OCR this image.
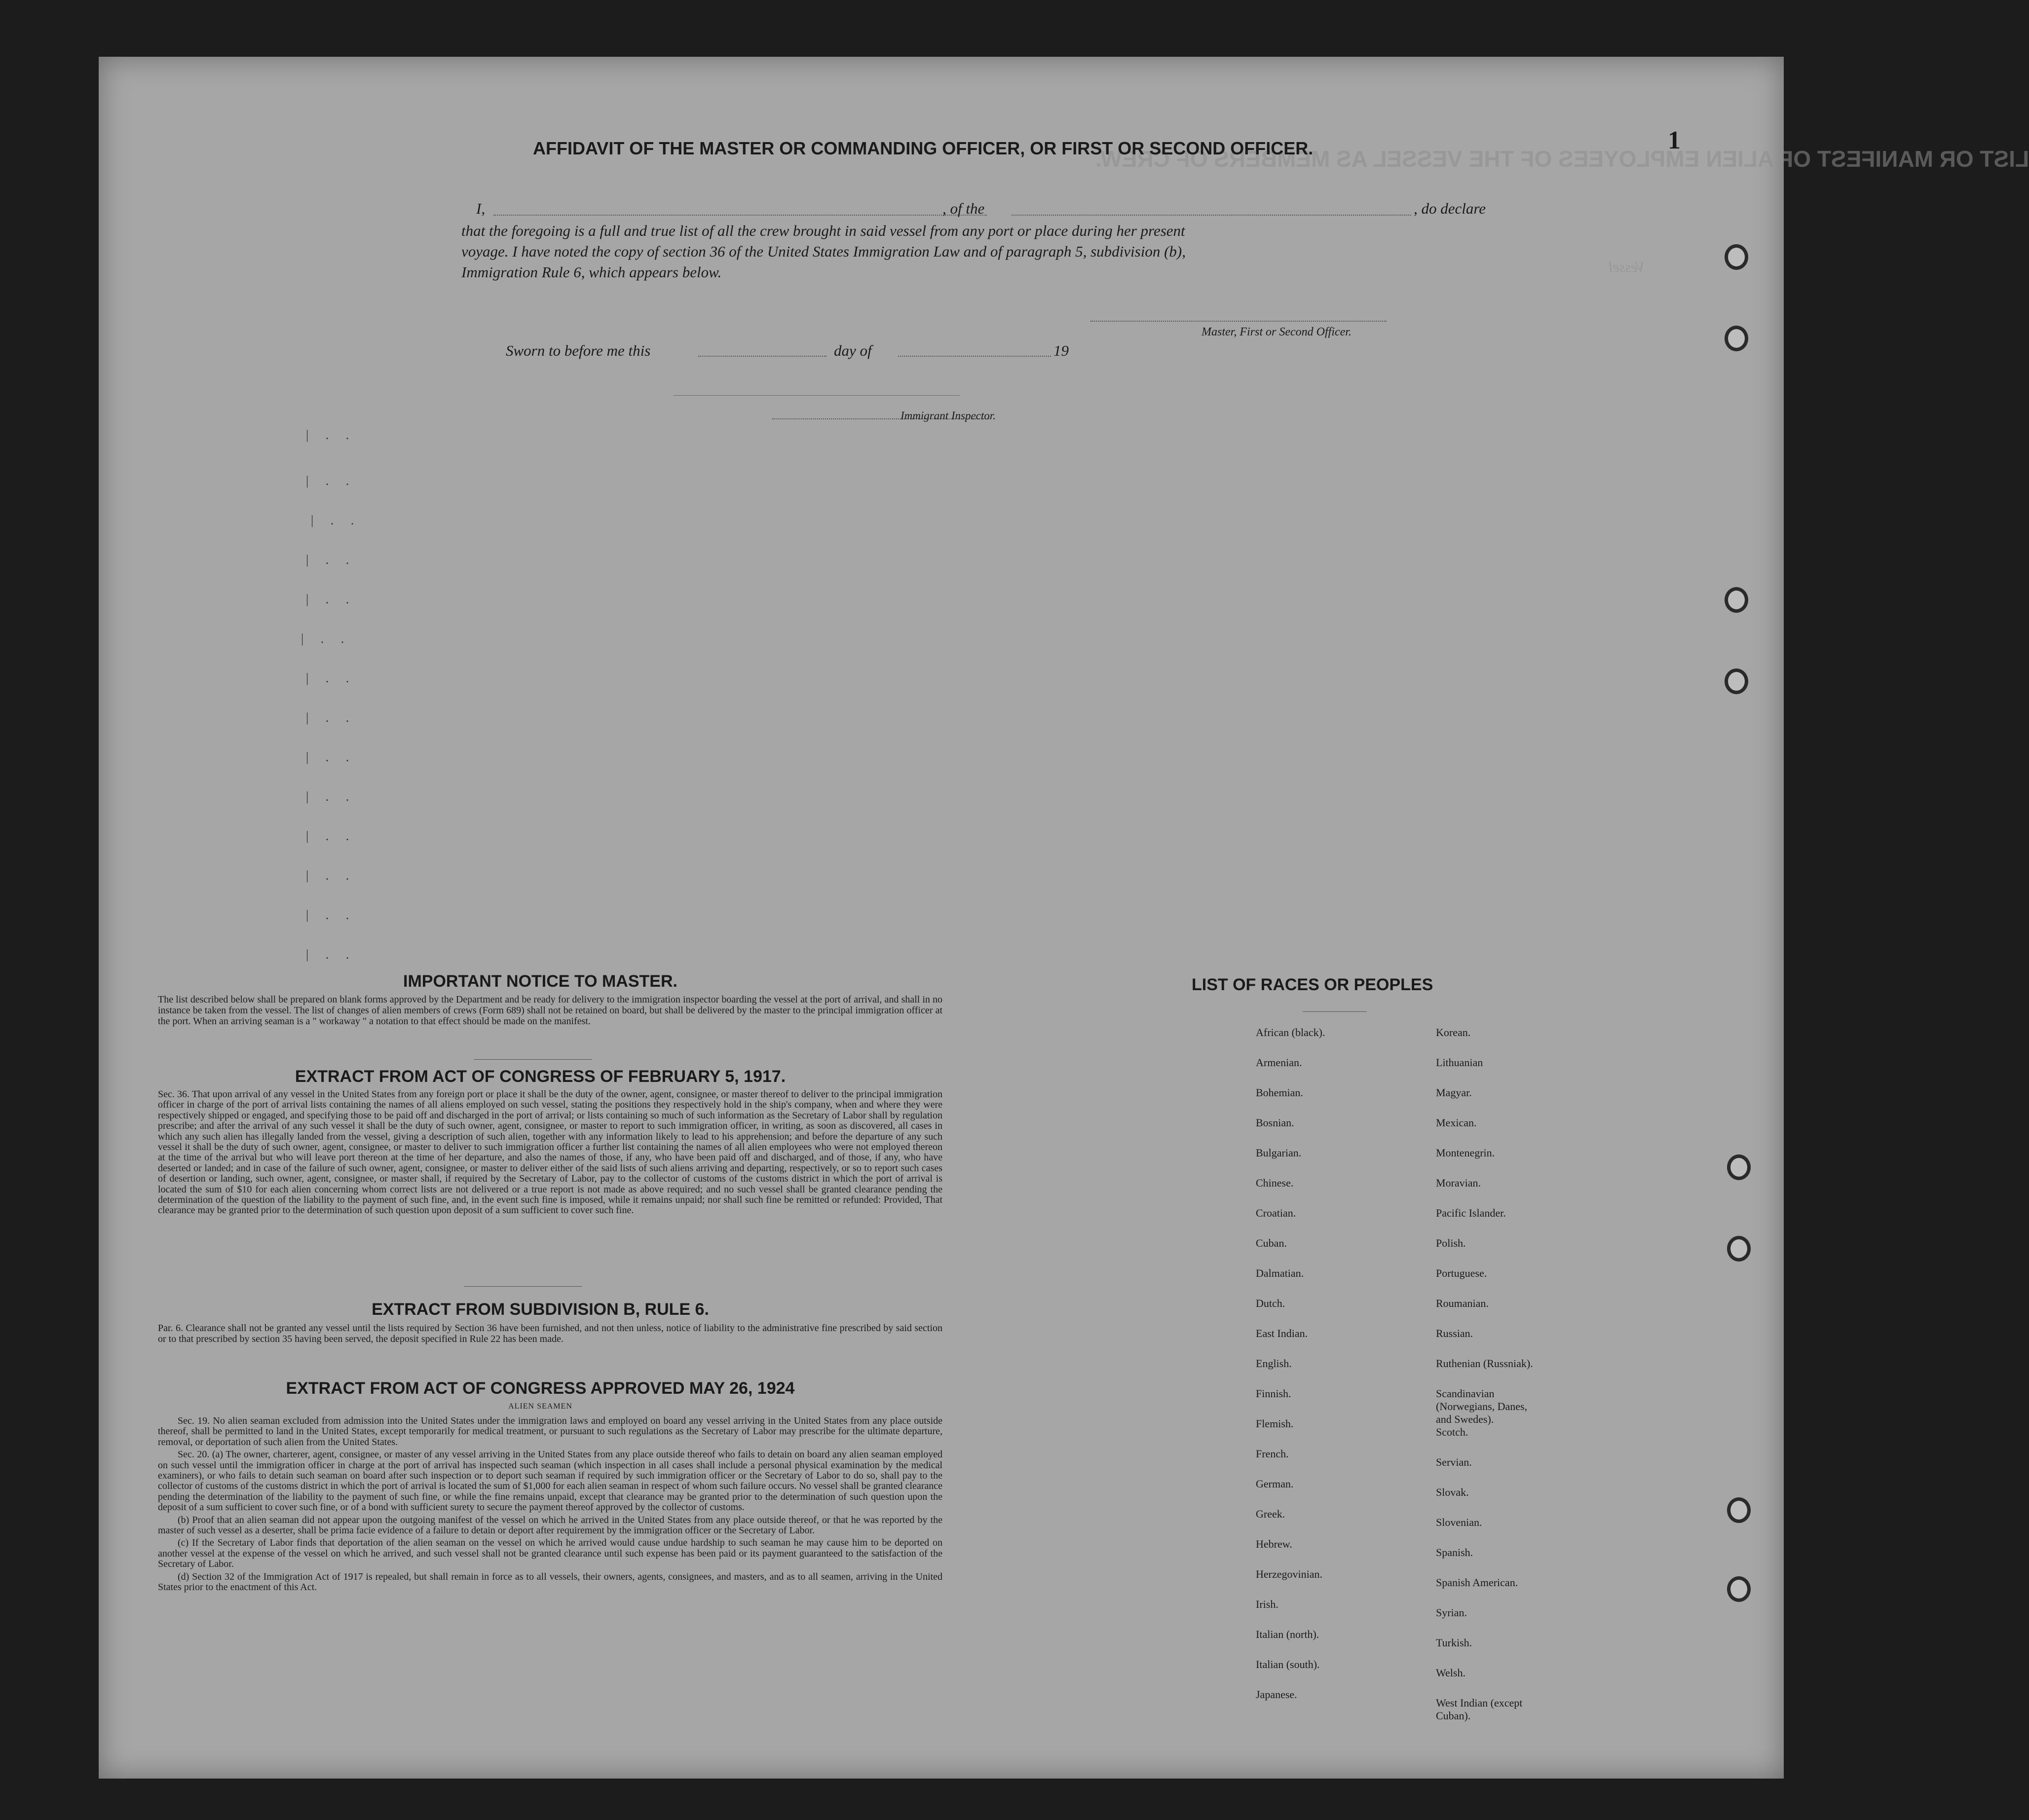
LIST OR MANIFEST OF ALIEN EMPLOYEES OF THE VESSEL AS MEMBERS OF CREW.
Vessel
1
AFFIDAVIT OF THE MASTER OR COMMANDING OFFICER, OR FIRST OR SECOND OFFICER.
I,	, of the	, do declare
that the foregoing is a full and true list of all the crew brought in said vessel from any port or place during her present
voyage. I have noted the copy of section 36 of the United States Immigration Law and of paragraph 5, subdivision (b),
Immigration Rule 6, which appears below.
Master, First or Second Officer.
Sworn to before me this	day of	19
Immigrant Inspector.
| . .
| . .
| . .
| . .
| . .
| . .
| . .
| . .
| . .
| . .
| . .
| . .
| . .
| . .
IMPORTANT NOTICE TO MASTER.
The list described below shall be prepared on blank forms approved by the Department and be ready for delivery to the immigration inspector boarding the vessel at the port of arrival, and shall in no instance be taken from the vessel. The list of changes of alien members of crews (Form 689) shall not be retained on board, but shall be delivered by the master to the principal immigration officer at the port. When an arriving seaman is a " workaway " a notation to that effect should be made on the manifest.
EXTRACT FROM ACT OF CONGRESS OF FEBRUARY 5, 1917.
Sec. 36. That upon arrival of any vessel in the United States from any foreign port or place it shall be the duty of the owner, agent, consignee, or master thereof to deliver to the principal immigration officer in charge of the port of arrival lists containing the names of all aliens employed on such vessel, stating the positions they respectively hold in the ship's company, when and where they were respectively shipped or engaged, and specifying those to be paid off and discharged in the port of arrival; or lists containing so much of such information as the Secretary of Labor shall by regulation prescribe; and after the arrival of any such vessel it shall be the duty of such owner, agent, consignee, or master to report to such immigration officer, in writing, as soon as discovered, all cases in which any such alien has illegally landed from the vessel, giving a description of such alien, together with any information likely to lead to his apprehension; and before the departure of any such vessel it shall be the duty of such owner, agent, consignee, or master to deliver to such immigration officer a further list containing the names of all alien employees who were not employed thereon at the time of the arrival but who will leave port thereon at the time of her departure, and also the names of those, if any, who have been paid off and discharged, and of those, if any, who have deserted or landed; and in case of the failure of such owner, agent, consignee, or master to deliver either of the said lists of such aliens arriving and departing, respectively, or so to report such cases of desertion or landing, such owner, agent, consignee, or master shall, if required by the Secretary of Labor, pay to the collector of customs of the customs district in which the port of arrival is located the sum of $10 for each alien concerning whom correct lists are not delivered or a true report is not made as above required; and no such vessel shall be granted clearance pending the determination of the question of the liability to the payment of such fine, and, in the event such fine is imposed, while it remains unpaid; nor shall such fine be remitted or refunded: Provided, That clearance may be granted prior to the determination of such question upon deposit of a sum sufficient to cover such fine.
EXTRACT FROM SUBDIVISION B, RULE 6.
Par. 6. Clearance shall not be granted any vessel until the lists required by Section 36 have been furnished, and not then unless, notice of liability to the administrative fine prescribed by said section or to that prescribed by section 35 having been served, the deposit specified in Rule 22 has been made.
EXTRACT FROM ACT OF CONGRESS APPROVED MAY 26, 1924
ALIEN SEAMEN

Sec. 19. No alien seaman excluded from admission into the United States under the immigration laws and employed on board any vessel arriving in the United States from any place outside thereof, shall be permitted to land in the United States, except temporarily for medical treatment, or pursuant to such regulations as the Secretary of Labor may prescribe for the ultimate departure, removal, or deportation of such alien from the United States.

Sec. 20. (a) The owner, charterer, agent, consignee, or master of any vessel arriving in the United States from any place outside thereof who fails to detain on board any alien seaman employed on such vessel until the immigration officer in charge at the port of arrival has inspected such seaman (which inspection in all cases shall include a personal physical examination by the medical examiners), or who fails to detain such seaman on board after such inspection or to deport such seaman if required by such immigration officer or the Secretary of Labor to do so, shall pay to the collector of customs of the customs district in which the port of arrival is located the sum of $1,000 for each alien seaman in respect of whom such failure occurs. No vessel shall be granted clearance pending the determination of the liability to the payment of such fine, or while the fine remains unpaid, except that clearance may be granted prior to the determination of such question upon the deposit of a sum sufficient to cover such fine, or of a bond with sufficient surety to secure the payment thereof approved by the collector of customs.

(b) Proof that an alien seaman did not appear upon the outgoing manifest of the vessel on which he arrived in the United States from any place outside thereof, or that he was reported by the master of such vessel as a deserter, shall be prima facie evidence of a failure to detain or deport after requirement by the immigration officer or the Secretary of Labor.

(c) If the Secretary of Labor finds that deportation of the alien seaman on the vessel on which he arrived would cause undue hardship to such seaman he may cause him to be deported on another vessel at the expense of the vessel on which he arrived, and such vessel shall not be granted clearance until such expense has been paid or its payment guaranteed to the satisfaction of the Secretary of Labor.

(d) Section 32 of the Immigration Act of 1917 is repealed, but shall remain in force as to all vessels, their owners, agents, consignees, and masters, and as to all seamen, arriving in the United States prior to the enactment of this Act.

LIST OF RACES OR PEOPLES
African (black).
Armenian.
Bohemian.
Bosnian.
Bulgarian.
Chinese.
Croatian.
Cuban.
Dalmatian.
Dutch.
East Indian.
English.
Finnish.
Flemish.
French.
German.
Greek.
Hebrew.
Herzegovinian.
Irish.
Italian (north).
Italian (south).
Japanese.
Korean.
Lithuanian
Magyar.
Mexican.
Montenegrin.
Moravian.
Pacific Islander.
Polish.
Portuguese.
Roumanian.
Russian.
Ruthenian (Russniak).
Scandinavian (Norwegians, Danes, and Swedes).
Scotch.
Servian.
Slovak.
Slovenian.
Spanish.
Spanish American.
Syrian.
Turkish.
Welsh.
West Indian (except Cuban).
